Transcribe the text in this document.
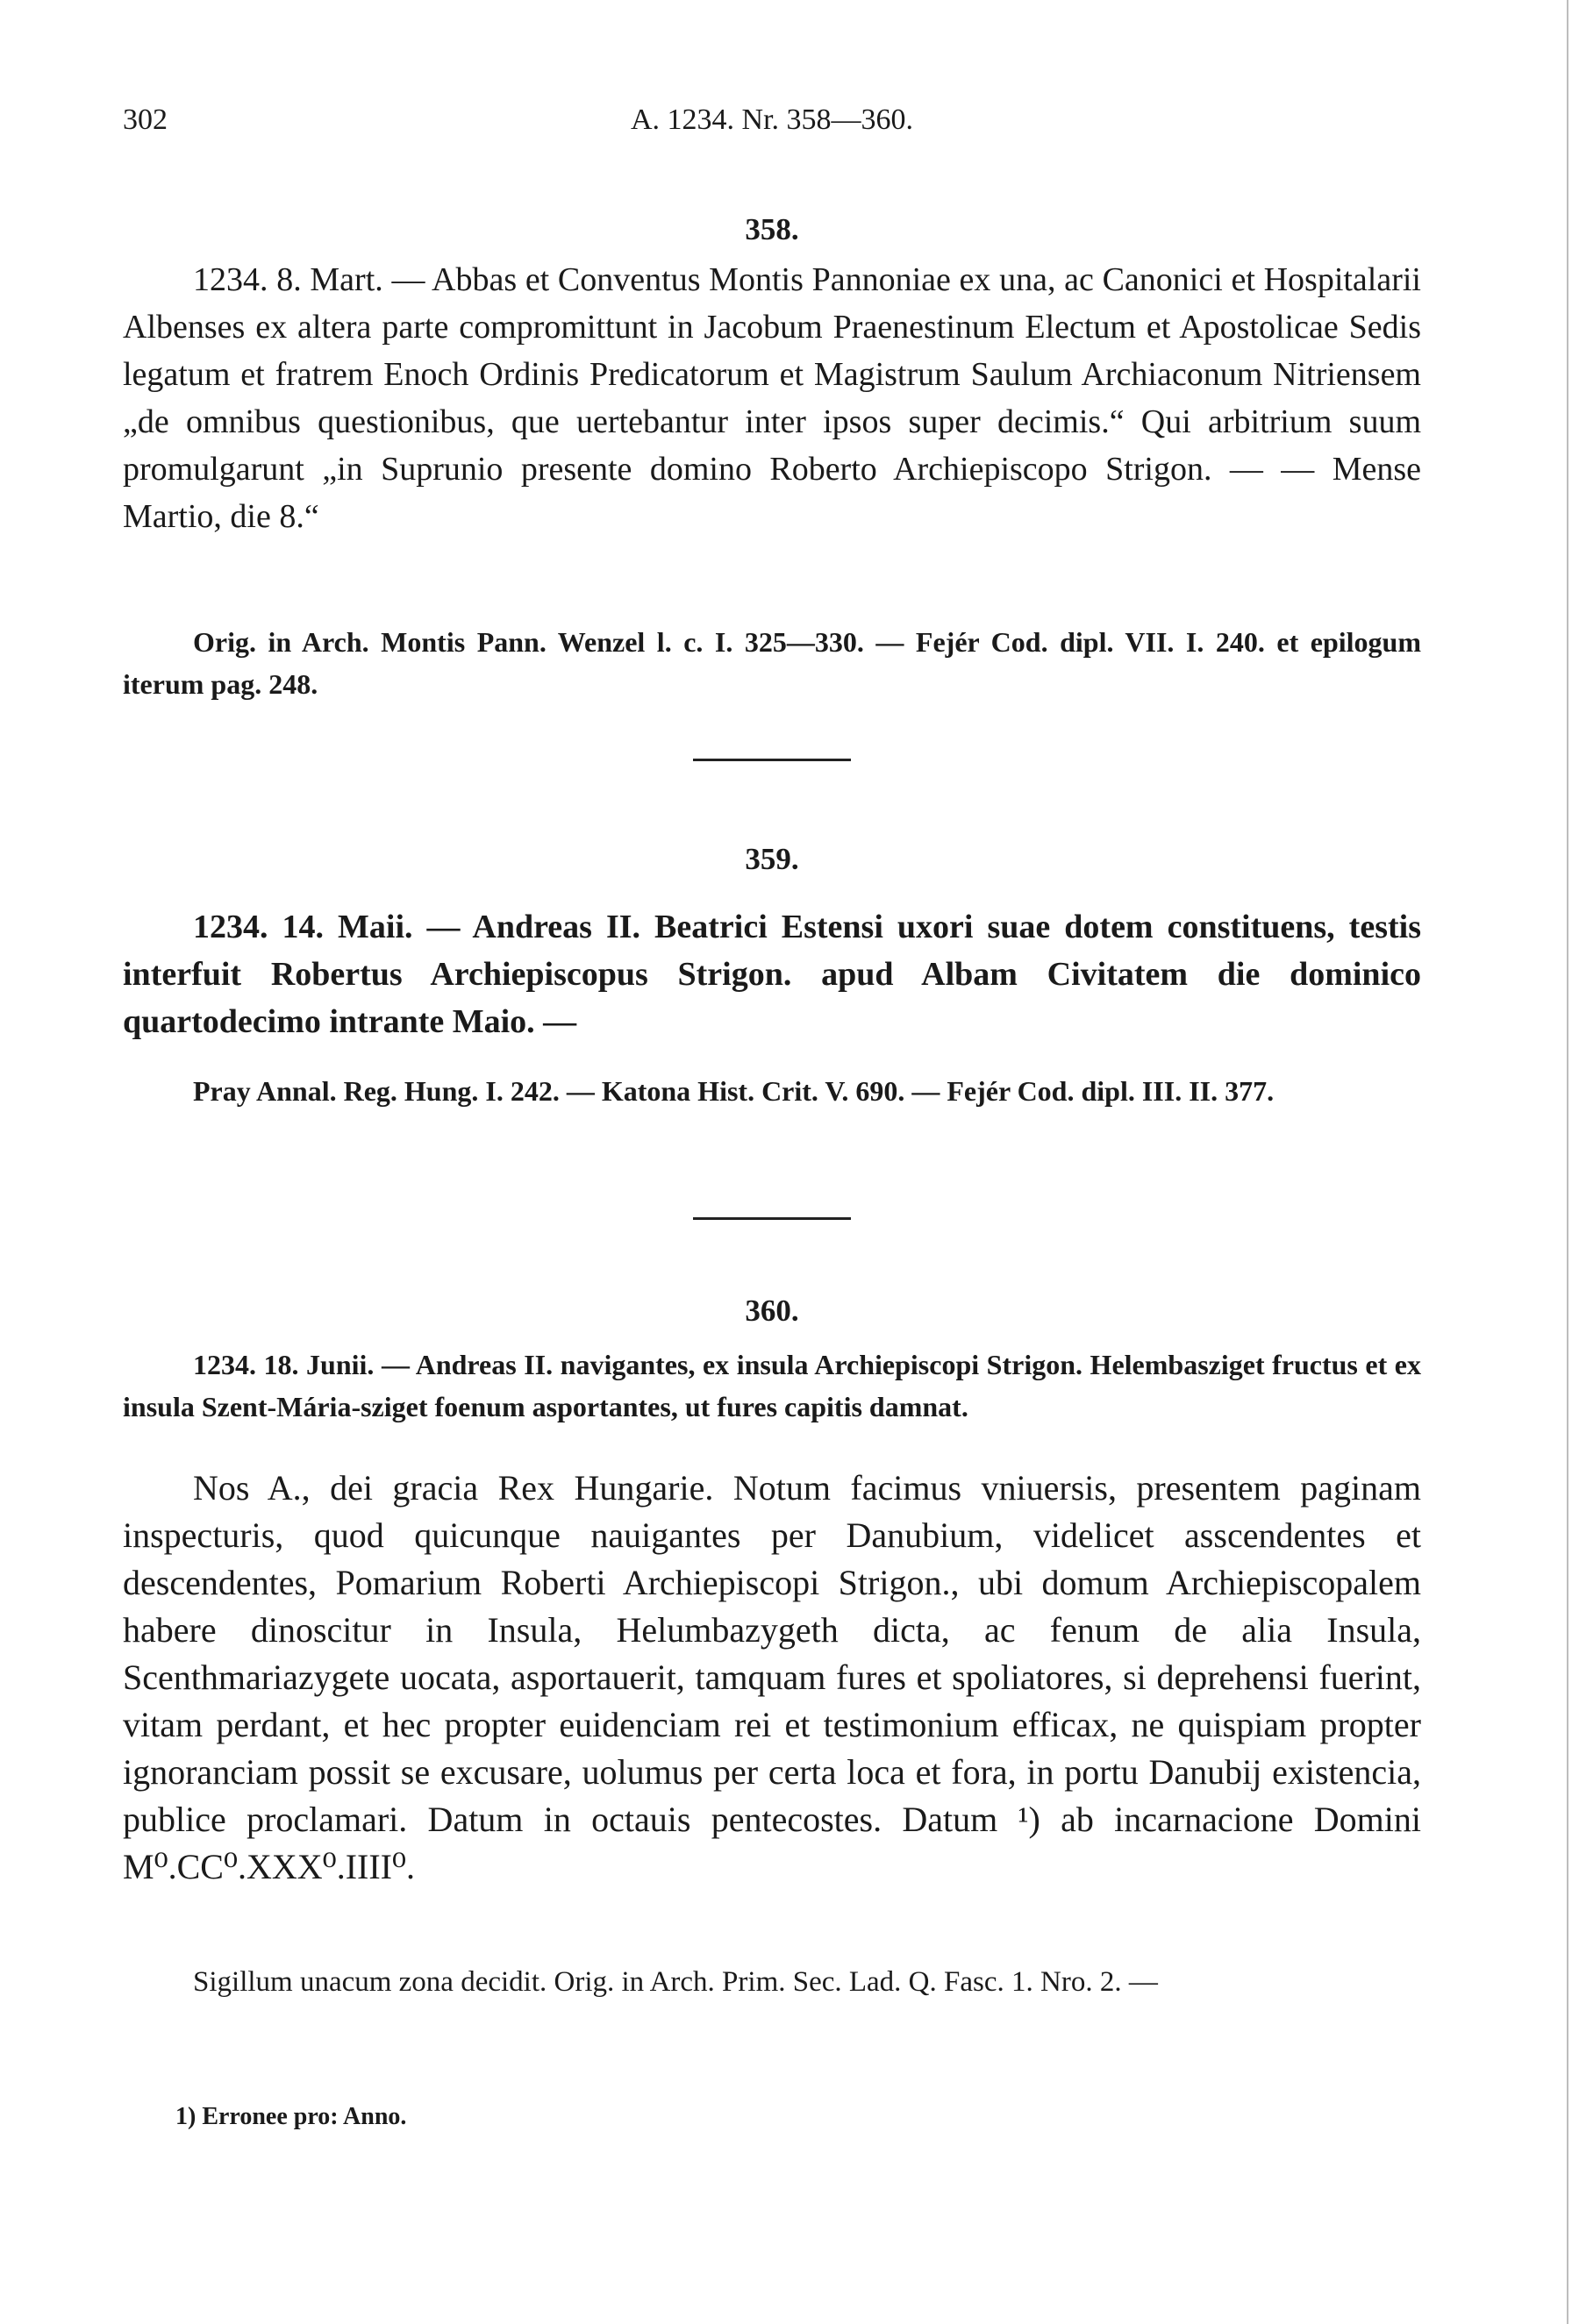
302	A. 1234. Nr. 358—360.
358.

1234. 8. Mart. — Abbas et Conventus Montis Pannoniae ex una, ac Canonici et Hospitalarii Albenses ex altera parte compromittunt in Jacobum Praenestinum Electum et Apostolicae Sedis legatum et fratrem Enoch Ordinis Predicatorum et Magistrum Saulum Archiaconum Nitriensem „de omnibus questionibus, que uertebantur inter ipsos super decimis.“ Qui arbitrium suum promulgarunt „in Suprunio presente domino Roberto Archiepiscopo Strigon. — — Mense Martio, die 8.“

Orig. in Arch. Montis Pann. Wenzel l. c. I. 325—330. — Fejér Cod. dipl. VII. I. 240. et epilogum iterum pag. 248.

359.

1234. 14. Maii. — Andreas II. Beatrici Estensi uxori suae dotem constituens, testis interfuit Robertus Archiepiscopus Strigon. apud Albam Civitatem die dominico quartodecimo intrante Maio. —

Pray Annal. Reg. Hung. I. 242. — Katona Hist. Crit. V. 690. — Fejér Cod. dipl. III. II. 377.

360.

1234. 18. Junii. — Andreas II. navigantes, ex insula Archiepiscopi Strigon. Helembasziget fructus et ex insula Szent-Mária-sziget foenum asportantes, ut fures capitis damnat.

Nos A., dei gracia Rex Hungarie. Notum facimus vniuersis, presentem paginam inspecturis, quod quicunque nauigantes per Danubium, videlicet asscendentes et descendentes, Pomarium Roberti Archiepiscopi Strigon., ubi domum Archiepiscopalem habere dinoscitur in Insula, Helumbazygeth dicta, ac fenum de alia Insula, Scenthmariazygete uocata, asportauerit, tamquam fures et spoliatores, si deprehensi fuerint, vitam perdant, et hec propter euidenciam rei et testimonium efficax, ne quispiam propter ignoranciam possit se excusare, uolumus per certa loca et fora, in portu Danubij existencia, publice proclamari. Datum in octauis pentecostes. Datum ¹) ab incarnacione Domini M⁰.CC⁰.XXX⁰.IIII⁰.

Sigillum unacum zona decidit. Orig. in Arch. Prim. Sec. Lad. Q. Fasc. 1. Nro. 2. —

1) Erronee pro: Anno.
